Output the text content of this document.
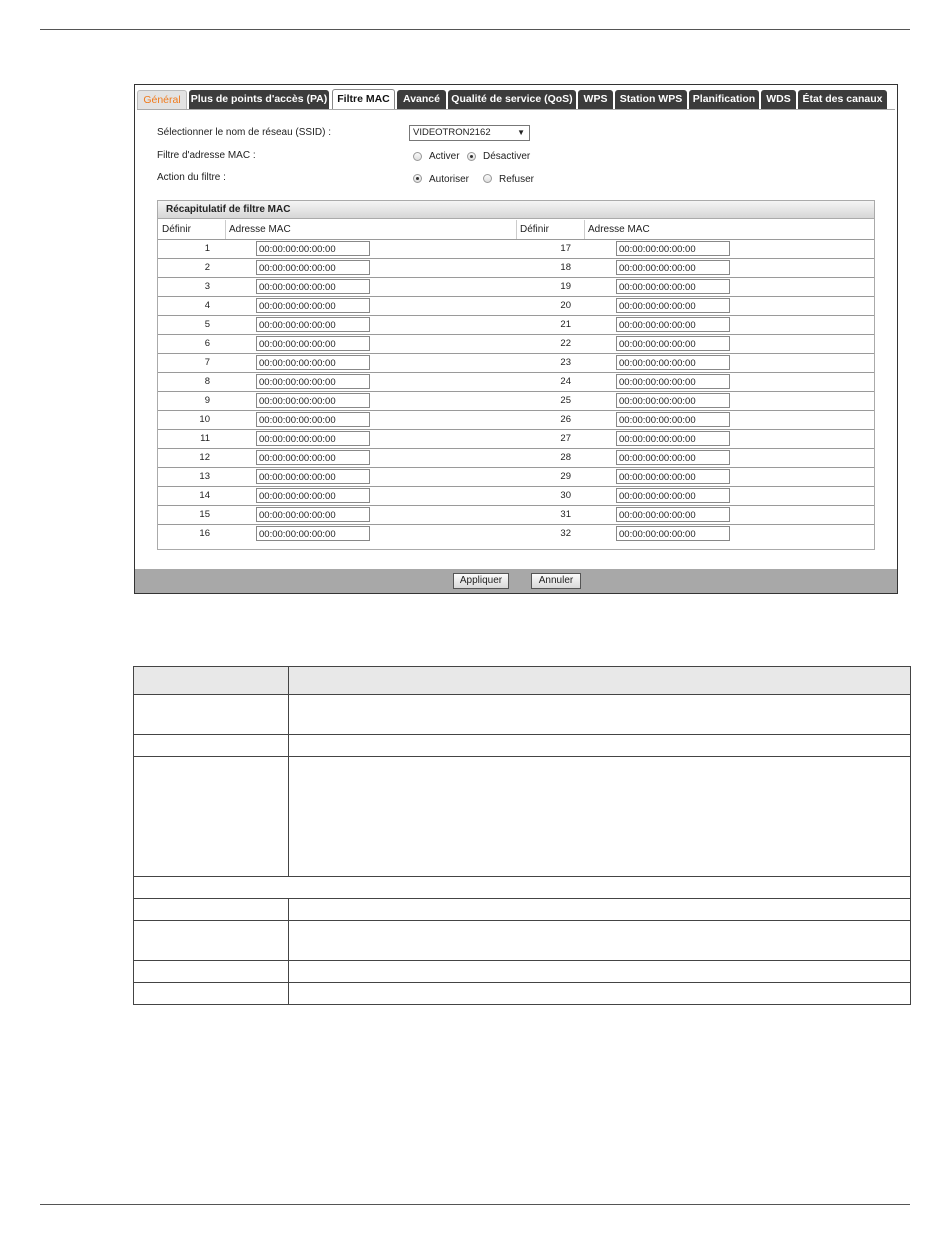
Général Plus de points d'accès (PA) Filtre MAC	Avancé	Qualité de service (QoS)	WPS	Station WPS	Planification	WDS	État des canaux
Sélectionner le nom de réseau (SSID) :	VIDEOTRON2162	▼
Filtre d'adresse MAC :	Activer Désactiver
Action du filtre :	Autoriser	Refuser
Récapitulatif de filtre MAC
Définir	Adresse MAC	Définir	Adresse MAC
1	00:00:00:00:00:00	17	00:00:00:00:00:00
2	00:00:00:00:00:00	18	00:00:00:00:00:00
3	00:00:00:00:00:00	19	00:00:00:00:00:00
4	00:00:00:00:00:00	20	00:00:00:00:00:00
5	00:00:00:00:00:00	21	00:00:00:00:00:00
6	00:00:00:00:00:00	22	00:00:00:00:00:00
7	00:00:00:00:00:00	23	00:00:00:00:00:00
8	00:00:00:00:00:00	24	00:00:00:00:00:00
9	00:00:00:00:00:00	25	00:00:00:00:00:00
10	00:00:00:00:00:00	26	00:00:00:00:00:00
11	00:00:00:00:00:00	27	00:00:00:00:00:00
12	00:00:00:00:00:00	28	00:00:00:00:00:00
13	00:00:00:00:00:00	29	00:00:00:00:00:00
14	00:00:00:00:00:00	30	00:00:00:00:00:00
15	00:00:00:00:00:00	31	00:00:00:00:00:00
16	00:00:00:00:00:00	32	00:00:00:00:00:00
Appliquer	Annuler
